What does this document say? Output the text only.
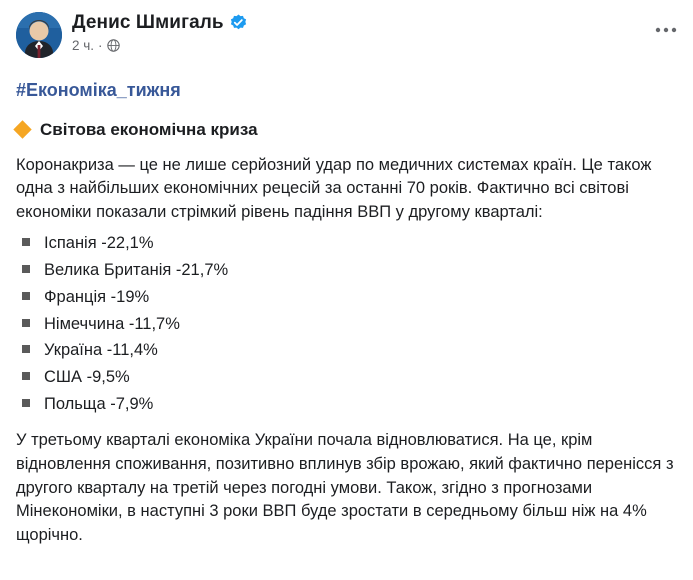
Денис Шмигаль
2 ч. ·
#Економіка_тижня
Світова економічна криза

Коронакриза — це не лише серйозний удар по медичних системах країн. Це також одна з найбільших економічних рецесій за останні 70 років. Фактично всі світові економіки показали стрімкий рівень падіння ВВП у другому кварталі:

Іспанія -22,1%
Велика Британія -21,7%
Франція -19%
Німеччина -11,7%
Україна -11,4%
США -9,5%
Польща -7,9%

У третьому кварталі економіка України почала відновлюватися. На це, крім відновлення споживання, позитивно вплинув збір врожаю, який фактично перенісся з другого кварталу на третій через погодні умови. Також, згідно з прогнозами Мінекономіки, в наступні 3 роки ВВП буде зростати в середньому більш ніж на 4% щорічно.
